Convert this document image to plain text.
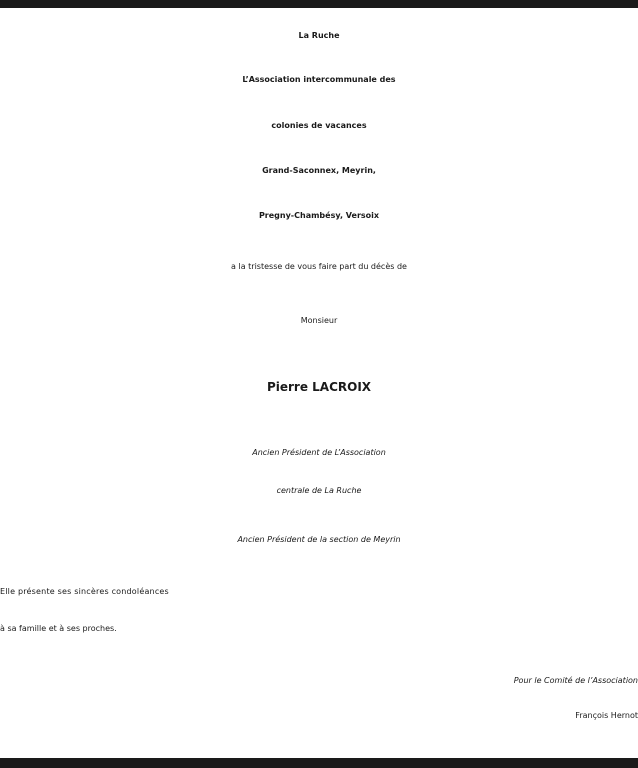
La Ruche
L’Association intercommunale des
colonies de vacances
Grand-Saconnex, Meyrin,
Pregny-Chambésy, Versoix
a la tristesse de vous faire part du décès de
Monsieur
Pierre LACROIX
Ancien Président de L’Association
centrale de La Ruche
Ancien Président de la section de Meyrin
Elle présente ses sincères condoléances
à sa famille et à ses proches.
Pour le Comité de l’Association
François Hernot
